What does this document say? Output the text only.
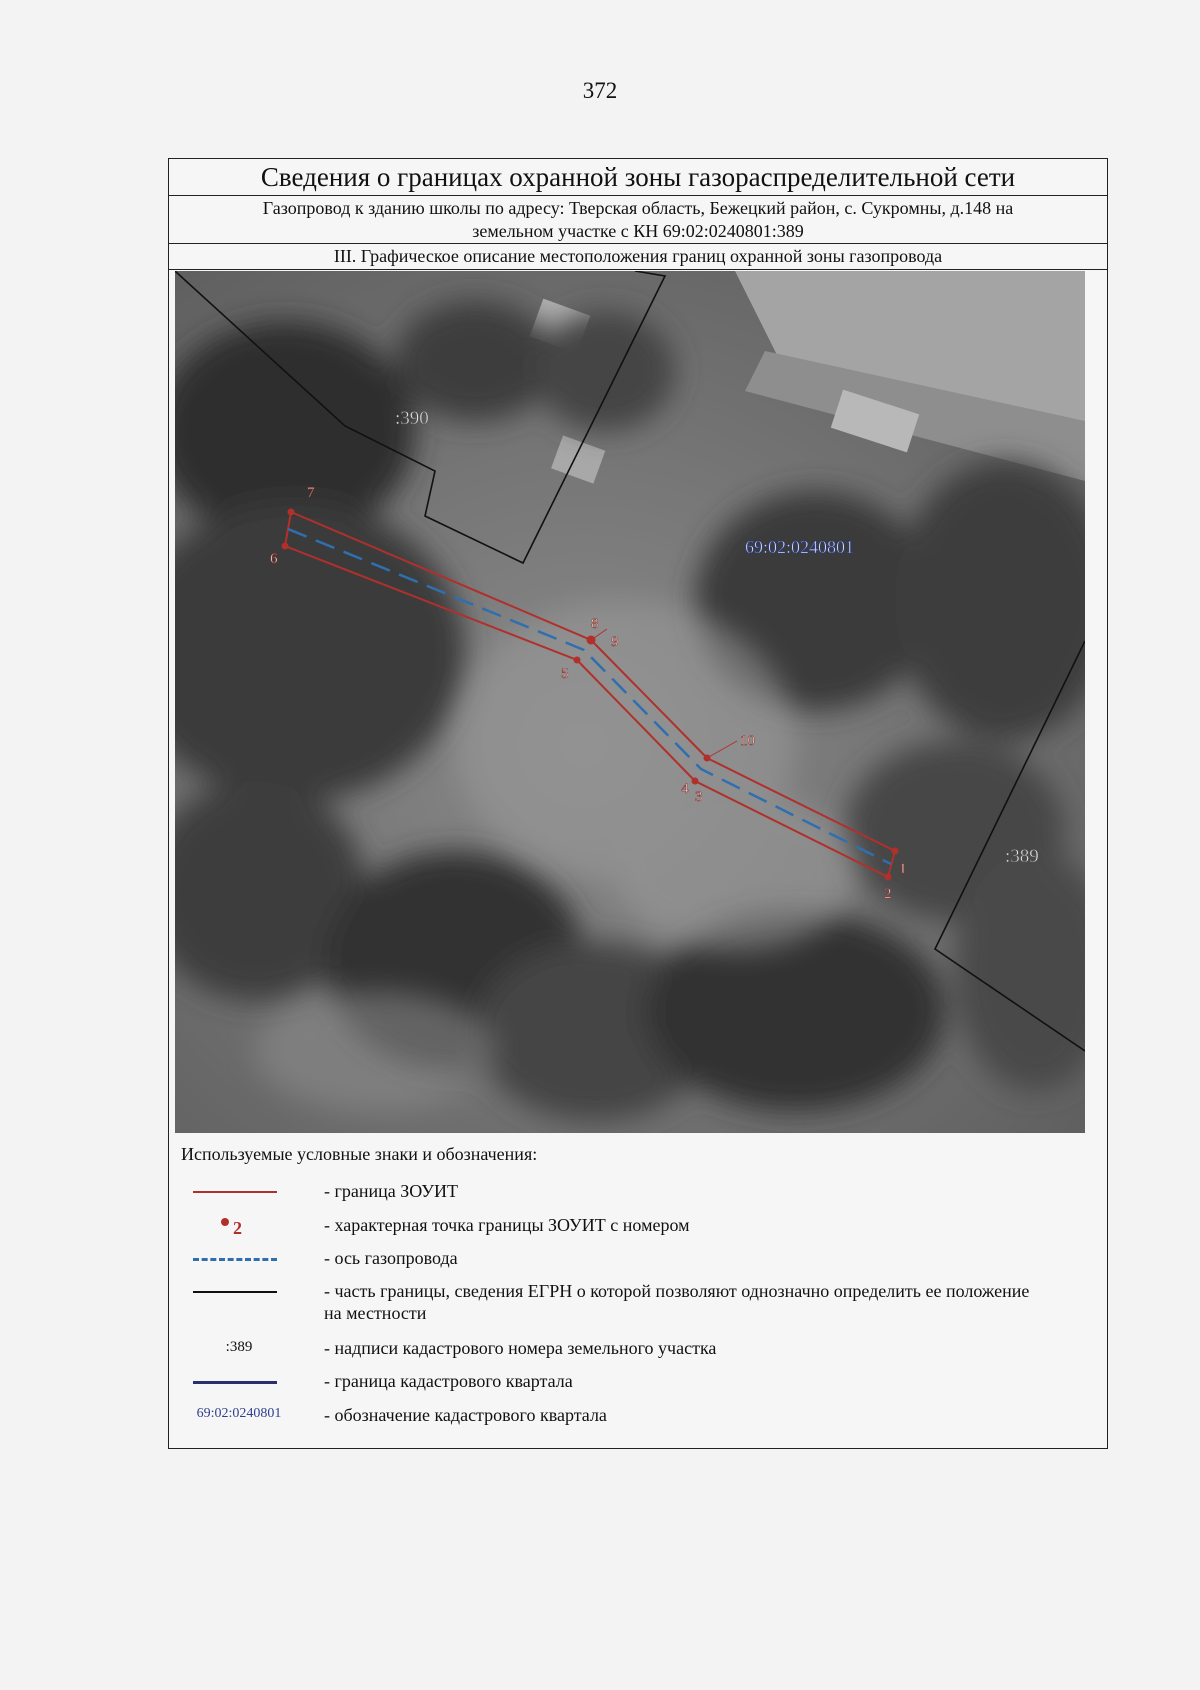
372
Сведения о границах охранной зоны газораспределительной сети
Газопровод к зданию школы по адресу: Тверская область, Бежецкий район, с. Сукромны, д.148 на
земельном участке с КН 69:02:0240801:389
III. Графическое описание местоположения границ охранной зоны газопровода
:390
69:02:0240801
:389
1
2
3
4
5
6
7
8
9
10
Используемые условные знаки и обозначения:
- граница ЗОУИТ
2	- характерная точка границы ЗОУИТ с номером
- ось газопровода
- часть границы, сведения ЕГРН о которой позволяют однозначно определить ее положение на местности
:389	- надписи кадастрового номера земельного участка
- граница кадастрового квартала
69:02:0240801	- обозначение кадастрового квартала
